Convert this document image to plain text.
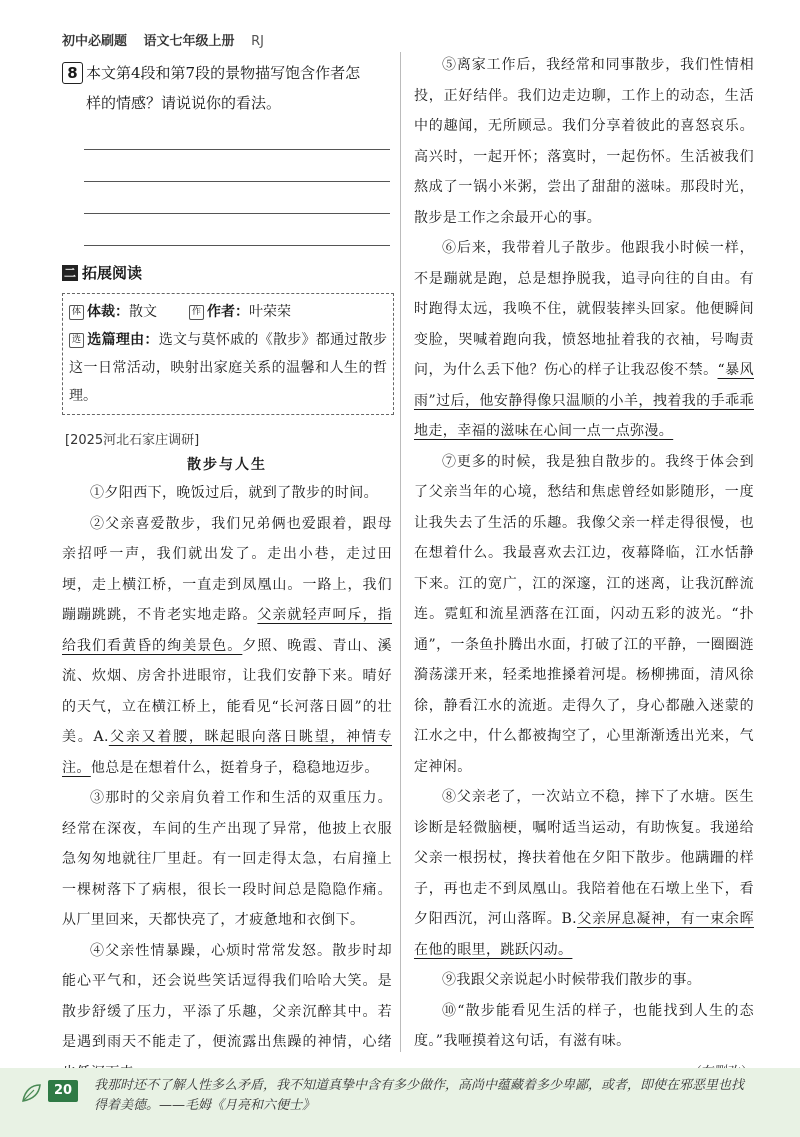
初中必刷题 语文七年级上册 RJ
8 本文第4段和第7段的景物描写饱含作者怎
样的情感？请说说你的看法。
二 拓展阅读
体 体裁：散文	作 作者：叶荣荣
选 选篇理由：选文与莫怀戚的《散步》都通过散步这一日常活动，映射出家庭关系的温馨和人生的哲理。
[2025河北石家庄调研]
散步与人生

①夕阳西下，晚饭过后，就到了散步的时间。

②父亲喜爱散步，我们兄弟俩也爱跟着，跟母亲招呼一声，我们就出发了。走出小巷，走过田埂，走上横江桥，一直走到凤凰山。一路上，我们蹦蹦跳跳，不肯老实地走路。父亲就轻声呵斥，指给我们看黄昏的绚美景色。夕照、晚霞、青山、溪流、炊烟、房舍扑进眼帘，让我们安静下来。晴好的天气，立在横江桥上，能看见“长河落日圆”的壮美。A.父亲又着腰，眯起眼向落日眺望，神情专注。他总是在想着什么，挺着身子，稳稳地迈步。

③那时的父亲肩负着工作和生活的双重压力。经常在深夜，车间的生产出现了异常，他披上衣服急匆匆地就往厂里赶。有一回走得太急，右肩撞上一棵树落下了病根，很长一段时间总是隐隐作痛。从厂里回来，天都快亮了，才疲惫地和衣倒下。

④父亲性情暴躁，心烦时常常发怒。散步时却能心平气和，还会说些笑话逗得我们哈哈大笑。是散步舒缓了压力，平添了乐趣，父亲沉醉其中。若是遇到雨天不能走了，便流露出焦躁的神情，心绪

⑤离家工作后，我经常和同事散步，我们性情相投，正好结伴。我们边走边聊，工作上的动态，生活中的趣闻，无所顾忌。我们分享着彼此的喜怒哀乐。高兴时，一起开怀；落寞时，一起伤怀。生活被我们熬成了一锅小米粥，尝出了甜甜的滋味。那段时光，散步是工作之余最开心的事。

⑥后来，我带着儿子散步。他跟我小时候一样，不是蹦就是跑，总是想挣脱我，追寻向往的自由。有时跑得太远，我唤不住，就假装摔头回家。他便瞬间变脸，哭喊着跑向我，愤怒地扯着我的衣袖，号啕责问，为什么丢下他？伤心的样子让我忍俊不禁。“暴风雨”过后，他安静得像只温顺的小羊，拽着我的手乖乖地走，幸福的滋味在心间一点一点弥漫。

⑦更多的时候，我是独自散步的。我终于体会到了父亲当年的心境，愁结和焦虑曾经如影随形，一度让我失去了生活的乐趣。我像父亲一样走得很慢，也在想着什么。我最喜欢去江边，夜幕降临，江水恬静下来。江的宽广，江的深邃，江的迷离，让我沉醉流连。霓虹和流星洒落在江面，闪动五彩的波光。“扑通”，一条鱼扑腾出水面，打破了江的平静，一圈圈涟漪荡漾开来，轻柔地推搡着河堤。杨柳拂面，清风徐徐，静看江水的流逝。走得久了，身心都融入迷蒙的江水之中，什么都被掏空了，心里渐渐透出光来，气定神闲。

⑧父亲老了，一次站立不稳，摔下了水塘。医生诊断是轻微脑梗，嘱咐适当运动，有助恢复。我递给父亲一根拐杖，搀扶着他在夕阳下散步。他蹒跚的样子，再也走不到凤凰山。我陪着他在石墩上坐下，看夕阳西沉，河山落晖。B.父亲屏息凝神，有一束余晖在他的眼里，跳跃闪动。

⑨我跟父亲说起小时候带我们散步的事。

⑩“散步能看见生活的样子，也能找到人生的态度。”我咂摸着这句话，有滋有味。

20	我那时还不了解人性多么矛盾，我不知道真挚中含有多少做作，高尚中蕴藏着多少卑鄙，或者，即使在邪恶里也找得着美德。——毛姆《月亮和六便士》
